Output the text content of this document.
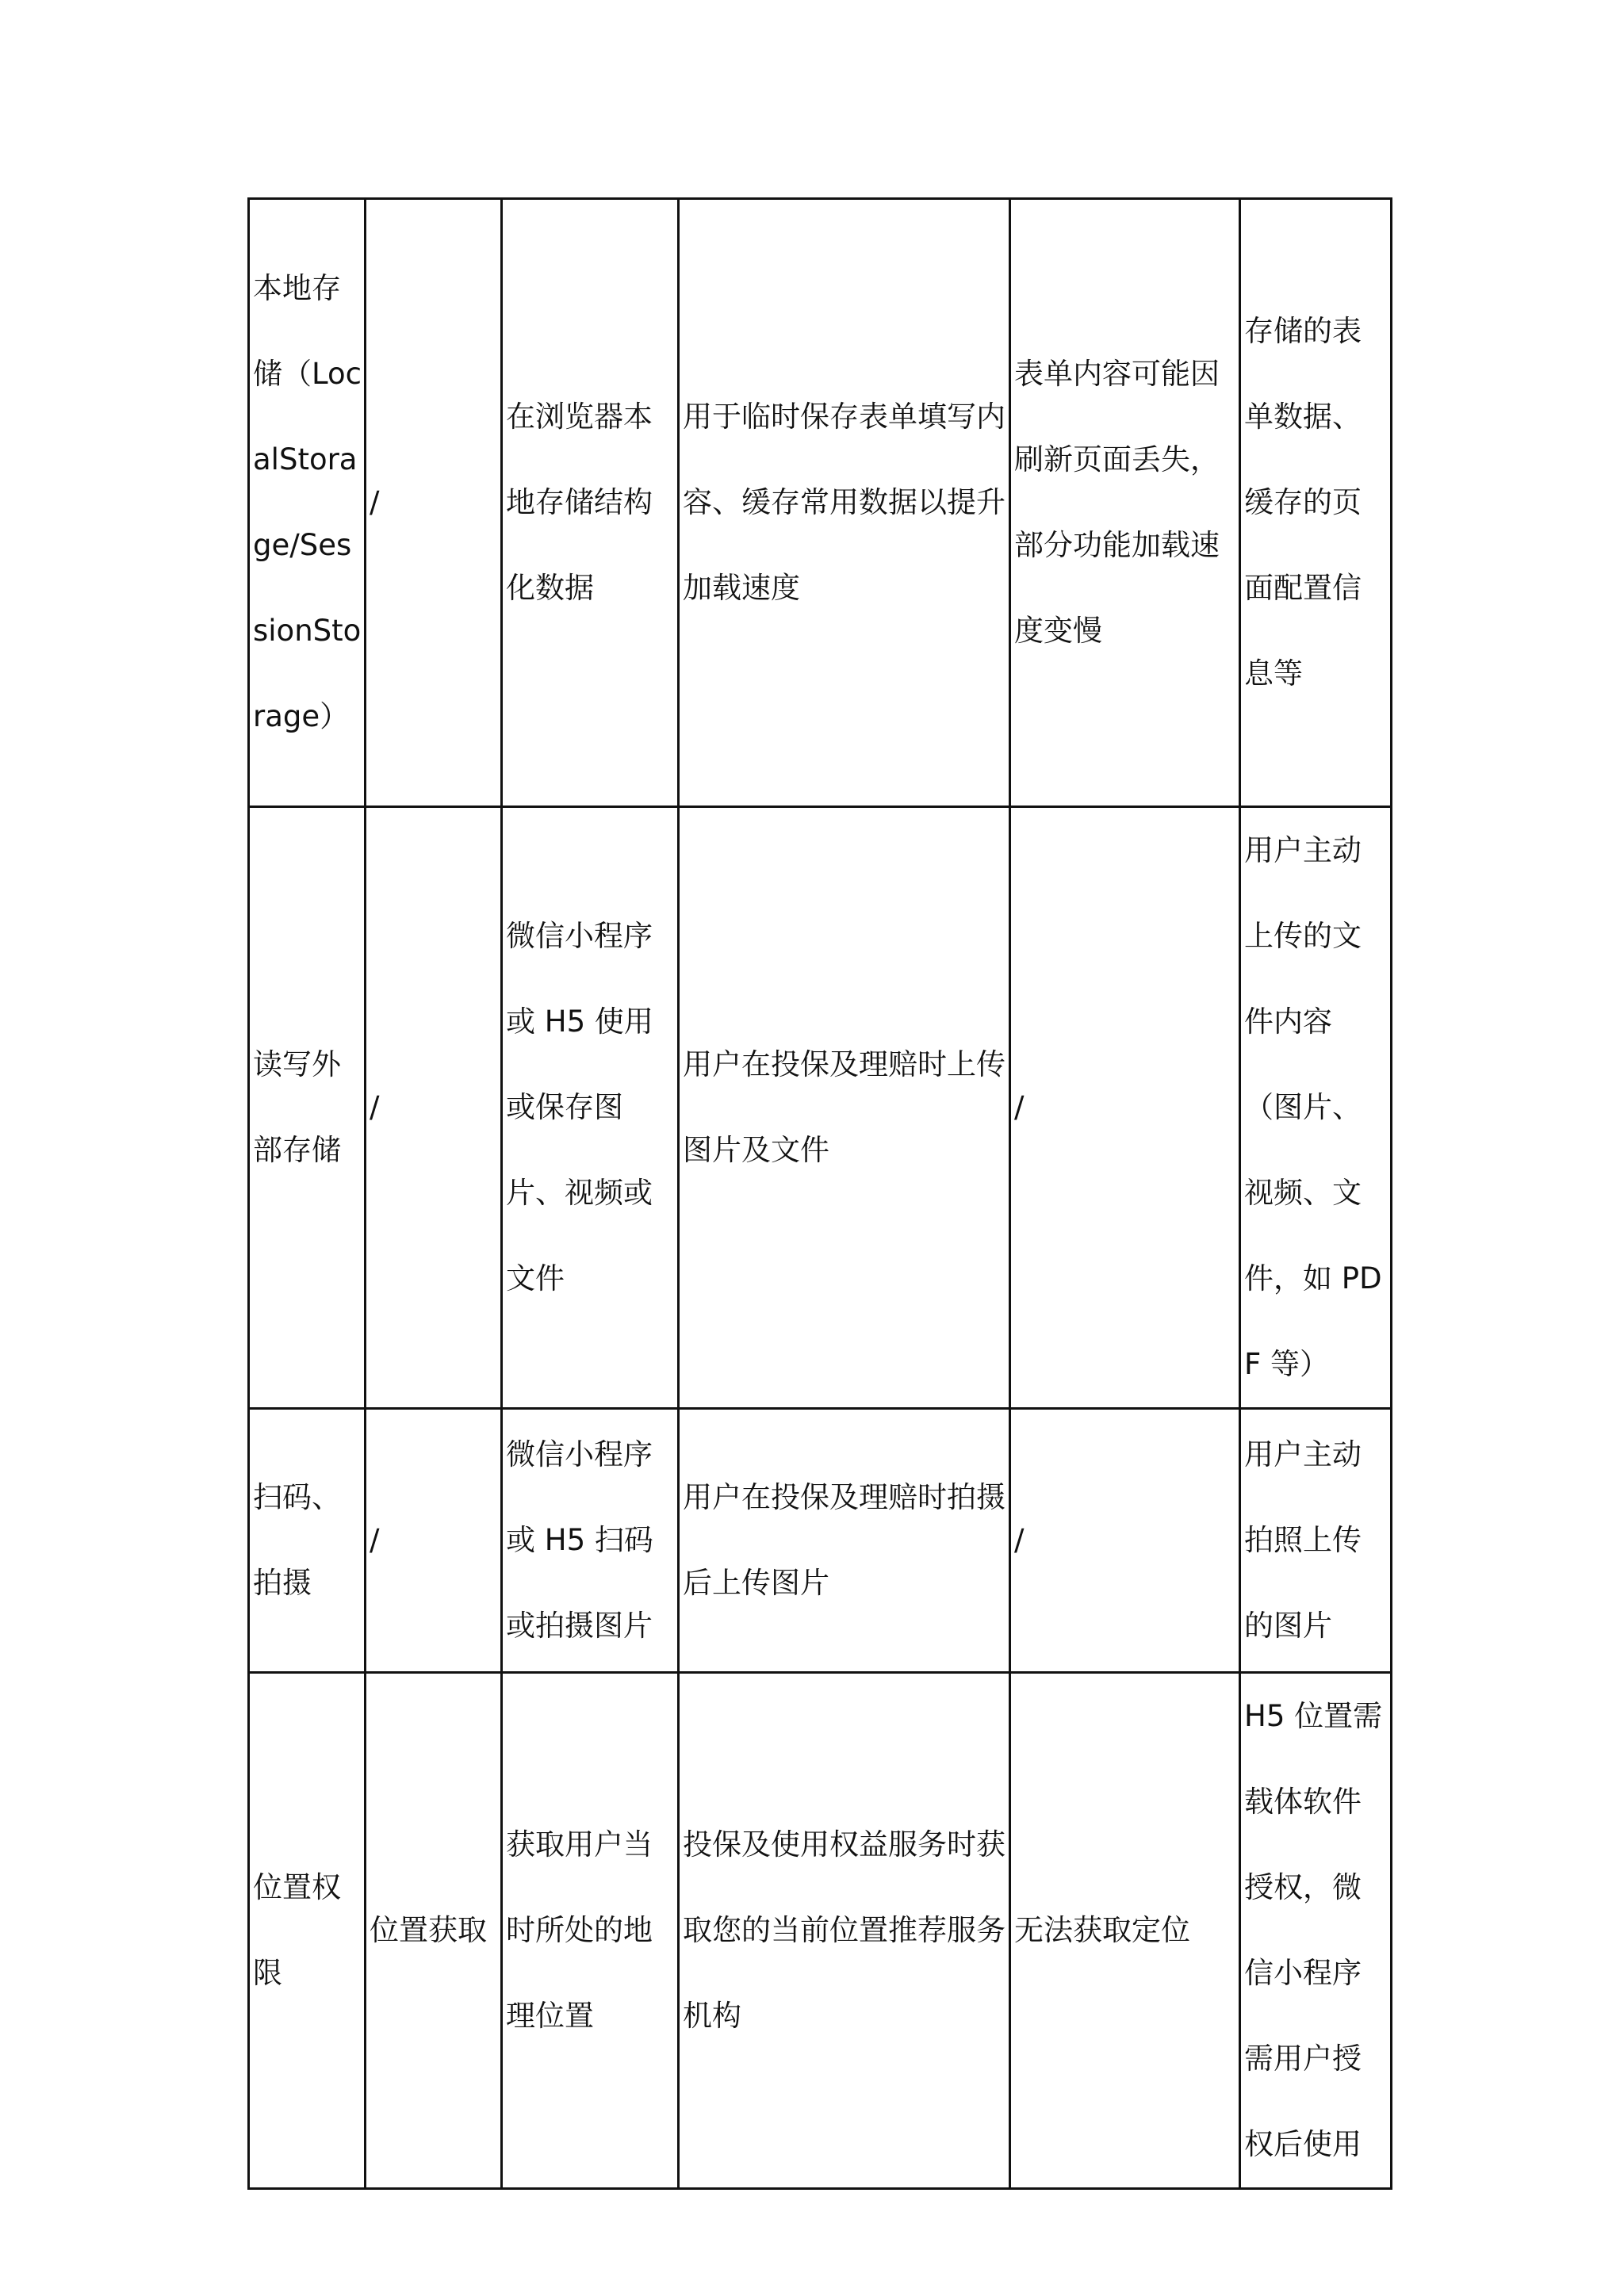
本地存储（LocalStorage/SessionStorage）	/	在浏览器本地存储结构化数据	用于临时保存表单填写内容、缓存常用数据以提升加载速度	表单内容可能因刷新页面丢失，部分功能加载速度变慢	存储的表单数据、缓存的页面配置信息等

读写外部存储	/	微信小程序或 H5 使用或保存图片、视频或文件	用户在投保及理赔时上传图片及文件	/	用户主动上传的文件内容（图片、视频、文件，如 PDF 等）

扫码、拍摄	/	微信小程序或 H5 扫码或拍摄图片	用户在投保及理赔时拍摄后上传图片	/	用户主动拍照上传的图片

位置权限	位置获取	获取用户当时所处的地理位置	投保及使用权益服务时获取您的当前位置推荐服务机构	无法获取定位	H5 位置需载体软件授权，微信小程序需用户授权后使用
